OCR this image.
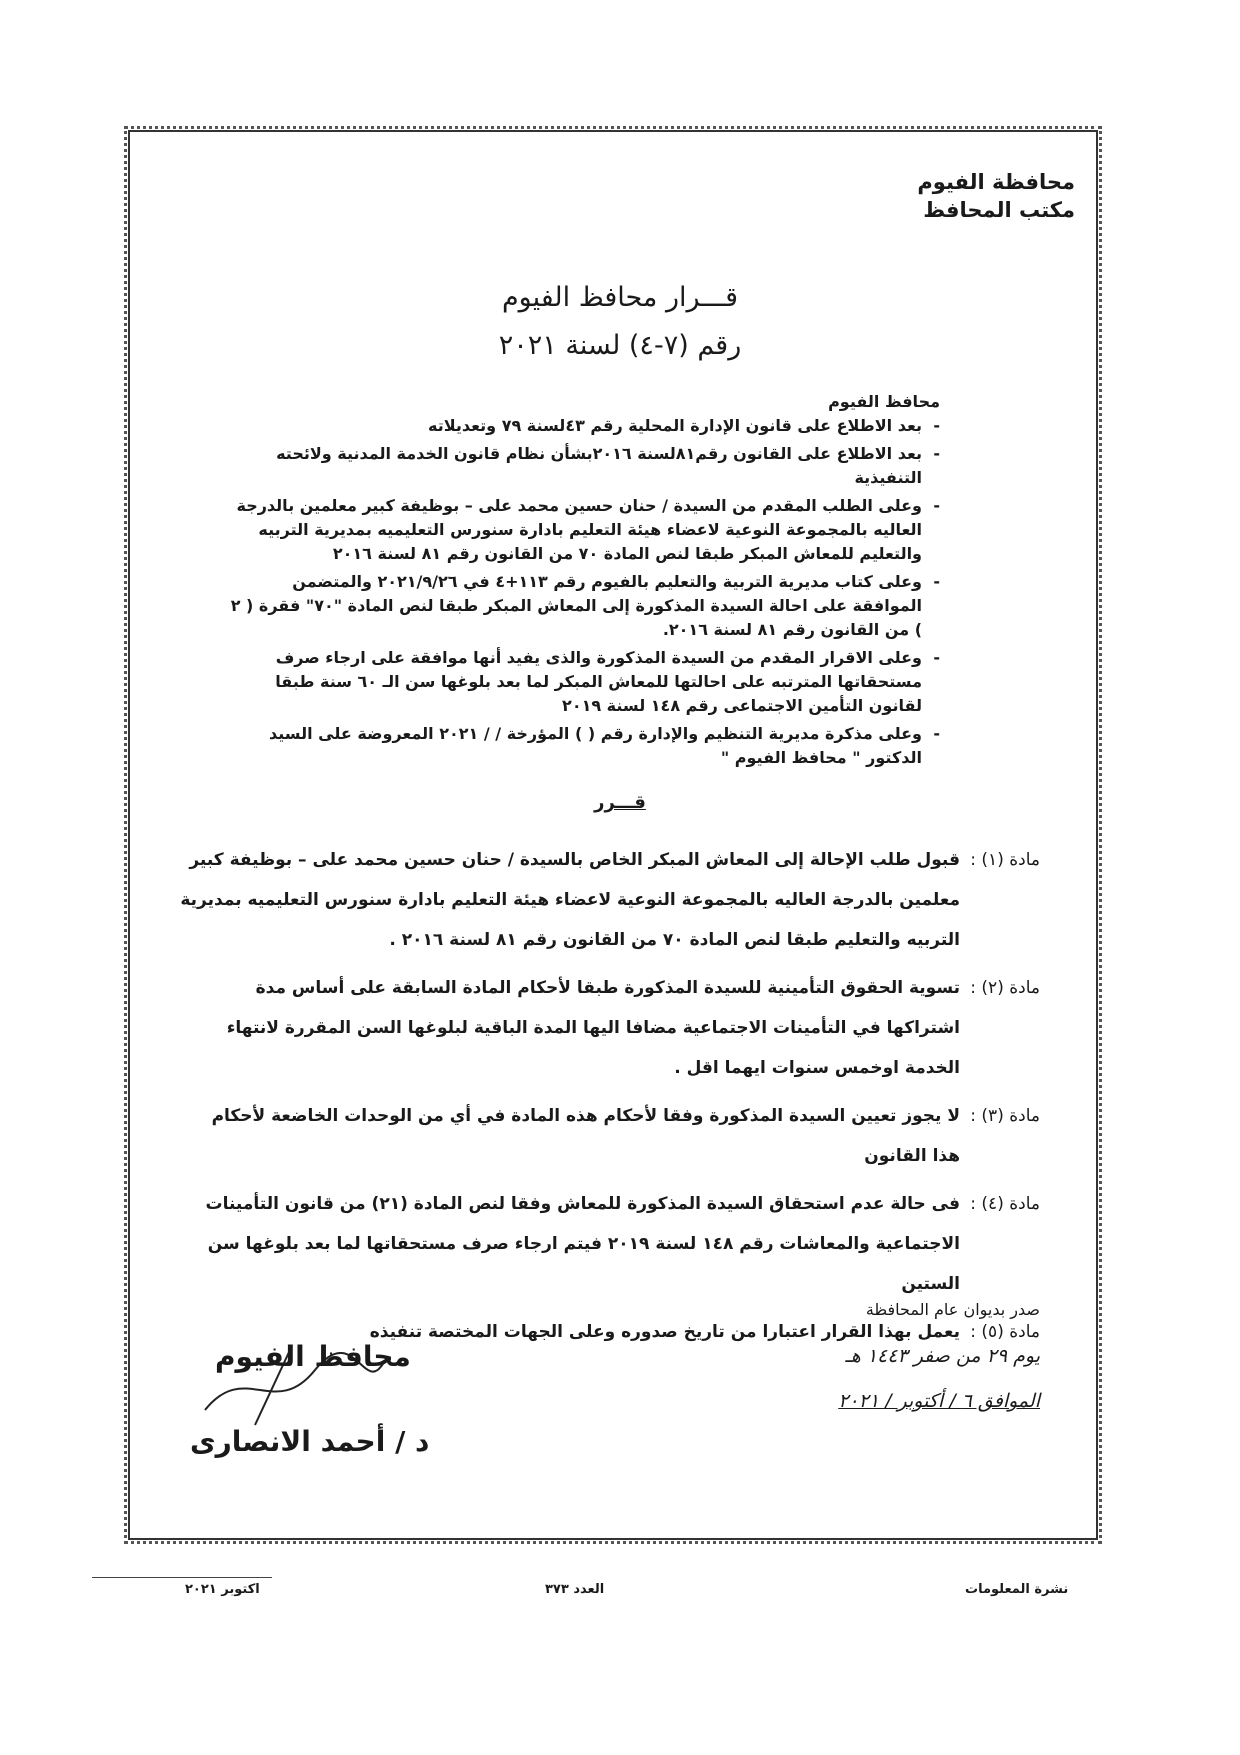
محافظة الفيوم
مكتب المحافظ
قـــرار محافظ الفيوم
رقم (٧-٤) لسنة ٢٠٢١
محافظ الفيوم
- بعد الاطلاع على قانون الإدارة المحلية رقم ٤٣لسنة ٧٩ وتعديلاته
- بعد الاطلاع على القانون رقم٨١لسنة ٢٠١٦بشأن نظام قانون الخدمة المدنية ولائحته التنفيذية
- وعلى الطلب المقدم من السيدة / حنان حسين محمد على – بوظيفة كبير معلمين بالدرجة العاليه بالمجموعة النوعية لاعضاء هيئة التعليم بادارة سنورس التعليميه بمديرية التربيه والتعليم للمعاش المبكر طبقا لنص المادة ٧٠ من القانون رقم ٨١ لسنة ٢٠١٦
- وعلى كتاب مديرية التربية والتعليم بالفيوم رقم ١١٣+٤ في ٢٠٢١/٩/٢٦ والمتضمن الموافقة على احالة السيدة المذكورة إلى المعاش المبكر طبقا لنص المادة "٧٠" فقرة ( ٢ ) من القانون رقم ٨١ لسنة ٢٠١٦.
- وعلى الاقرار المقدم من السيدة المذكورة والذى يفيد أنها موافقة على ارجاء صرف مستحقاتها المترتبه على احالتها للمعاش المبكر لما بعد بلوغها سن الـ ٦٠ سنة طبقا لقانون التأمين الاجتماعى رقم ١٤٨ لسنة ٢٠١٩
- وعلى مذكرة مديرية التنظيم والإدارة رقم ( ) المؤرخة / / ٢٠٢١ المعروضة على السيد الدكتور " محافظ الفيوم "
قـــرر
مادة (١) :
قبول طلب الإحالة إلى المعاش المبكر الخاص بالسيدة / حنان حسين محمد على – بوظيفة كبير معلمين بالدرجة العاليه بالمجموعة النوعية لاعضاء هيئة التعليم بادارة سنورس التعليميه بمديرية التربيه والتعليم طبقا لنص المادة ٧٠ من القانون رقم ٨١ لسنة ٢٠١٦ .
مادة (٢) :
تسوية الحقوق التأمينية للسيدة المذكورة طبقا لأحكام المادة السابقة على أساس مدة اشتراكها في التأمينات الاجتماعية مضافا اليها المدة الباقية لبلوغها السن المقررة لانتهاء الخدمة اوخمس سنوات ايهما اقل .
مادة (٣) :
لا يجوز تعيين السيدة المذكورة وفقا لأحكام هذه المادة في أي من الوحدات الخاضعة لأحكام هذا القانون
مادة (٤) :
فى حالة عدم استحقاق السيدة المذكورة للمعاش وفقا لنص المادة (٢١) من قانون التأمينات الاجتماعية والمعاشات رقم ١٤٨ لسنة ٢٠١٩ فيتم ارجاء صرف مستحقاتها لما بعد بلوغها سن الستين
مادة (٥) :
يعمل بهذا القرار اعتبارا من تاريخ صدوره وعلى الجهات المختصة تنفيذه
صدر بديوان عام المحافظة
يوم ٢٩ من صفر ١٤٤٣ هـ
الموافق ٦ / أكتوبر / ٢٠٢١
محافظ الفيوم
د / أحمد الانصارى
اكتوبر ٢٠٢١	العدد ٣٧٣	نشرة المعلومات
